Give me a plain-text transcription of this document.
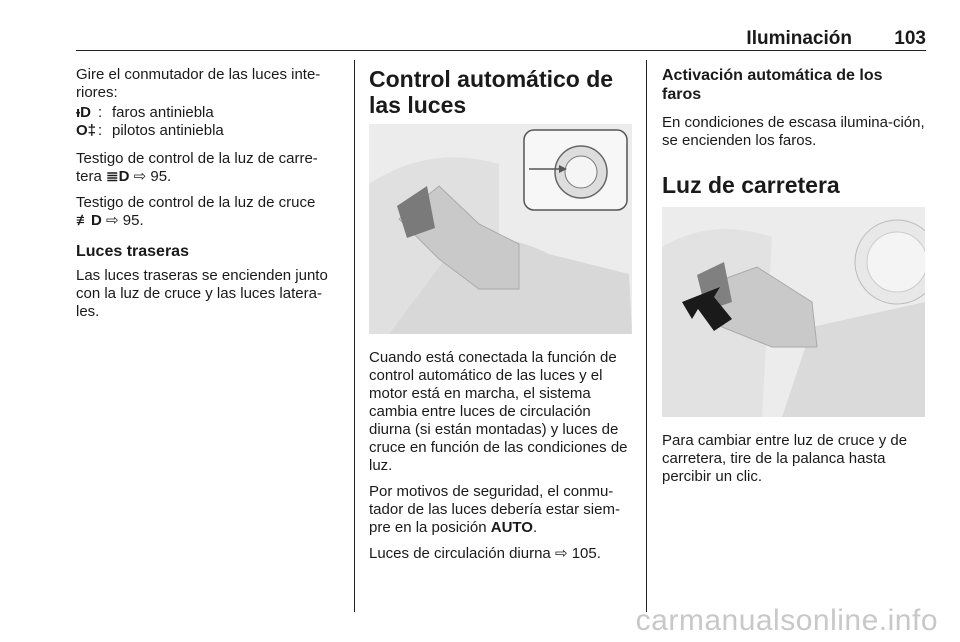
Iluminación 103

Gire el conmutador de las luces inte-riores:

ᵻD : faros antiniebla
O‡ : pilotos antiniebla

Testigo de control de la luz de carre-tera ≣D ⇨ 95.

Testigo de control de la luz de cruce
≢D ⇨ 95.

Luces traseras

Las luces traseras se encienden junto con la luz de cruce y las luces latera-les.

Control automático de las luces

Cuando está conectada la función de control automático de las luces y el motor está en marcha, el sistema cambia entre luces de circulación diurna (si están montadas) y luces de cruce en función de las condiciones de luz.

Por motivos de seguridad, el conmu-tador de las luces debería estar siem-pre en la posición AUTO.

Luces de circulación diurna ⇨ 105.

Activación automática de los faros

En condiciones de escasa ilumina-ción, se encienden los faros.

Luz de carretera

Para cambiar entre luz de cruce y de carretera, tire de la palanca hasta percibir un clic.

carmanualsonline.info
